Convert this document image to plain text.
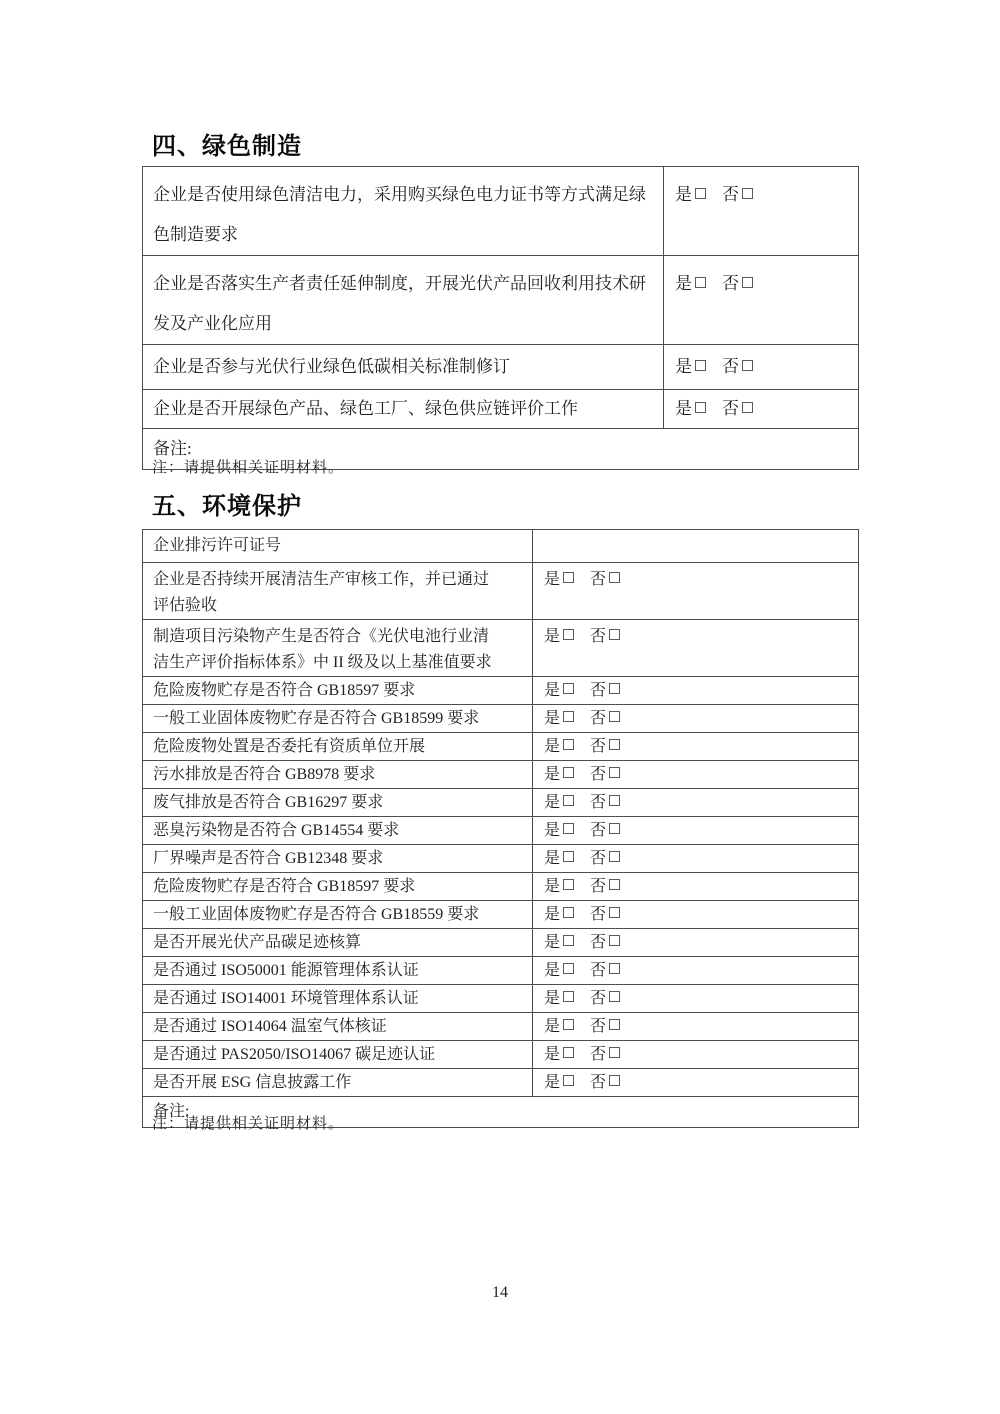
四、绿色制造
企业是否使用绿色清洁电力，采用购买绿色电力证书等方式满足绿
色制造要求	是 否

企业是否落实生产者责任延伸制度，开展光伏产品回收利用技术研
发及产业化应用	是 否

企业是否参与光伏行业绿色低碳相关标准制修订	是 否

企业是否开展绿色产品、绿色工厂、绿色供应链评价工作	是 否

备注:	
注：请提供相关证明材料。
五、环境保护
企业排污许可证号	

企业是否持续开展清洁生产审核工作，并已通过
评估验收	是 否

制造项目污染物产生是否符合《光伏电池行业清
洁生产评价指标体系》中 II 级及以上基准值要求	是 否

危险废物贮存是否符合 GB18597 要求	是 否

一般工业固体废物贮存是否符合 GB18599 要求	是 否

危险废物处置是否委托有资质单位开展	是 否

污水排放是否符合 GB8978 要求	是 否

废气排放是否符合 GB16297 要求	是 否

恶臭污染物是否符合 GB14554 要求	是 否

厂界噪声是否符合 GB12348 要求	是 否

危险废物贮存是否符合 GB18597 要求	是 否

一般工业固体废物贮存是否符合 GB18559 要求	是 否

是否开展光伏产品碳足迹核算	是 否

是否通过 ISO50001 能源管理体系认证	是 否

是否通过 ISO14001 环境管理体系认证	是 否

是否通过 ISO14064 温室气体核证	是 否

是否通过 PAS2050/ISO14067 碳足迹认证	是 否

是否开展 ESG 信息披露工作	是 否

备注:	
注：请提供相关证明材料。
14
